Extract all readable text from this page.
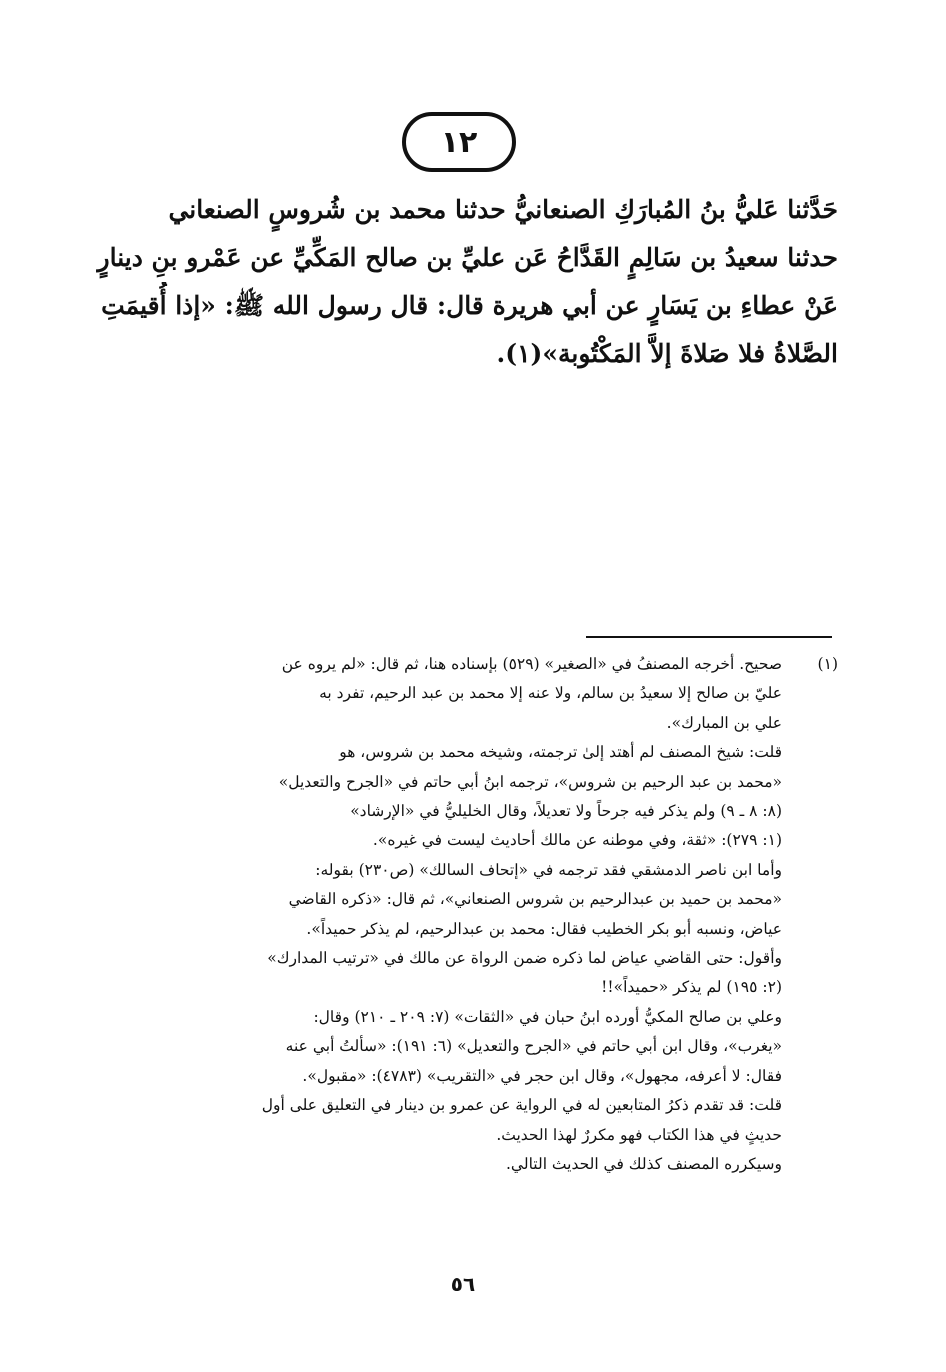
١٢
حَدَّثنا عَليُّ بنُ المُبارَكِ الصنعانيُّ حدثنا محمد بن شُروسٍ الصنعاني
حدثنا سعيدُ بن سَالِمٍ القَدَّاحُ عَن عليِّ بن صالح المَكِّيِّ عن عَمْرو بنِ دينارٍ
عَنْ عطاءِ بن يَسَارٍ عن أبي هريرة قال: قال رسول الله ﷺ: «إذا أُقيمَتِ
الصَّلاةُ فلا صَلاةَ إلاَّ المَكْتُوبة»(١).
(١)
صحيح. أخرجه المصنفُ في «الصغير» (٥٢٩) بإسناده هنا، ثم قال: «لم يروه عن
عليّ بن صالح إلا سعيدُ بن سالم، ولا عنه إلا محمد بن عبد الرحيم، تفرد به
علي بن المبارك».
قلت: شيخ المصنف لم أهتد إلىٰ ترجمته، وشيخه محمد بن شروس، هو
«محمد بن عبد الرحيم بن شروس»، ترجمه ابنُ أبي حاتم في «الجرح والتعديل»
(٨: ٨ ـ ٩) ولم يذكر فيه جرحاً ولا تعديلاً، وقال الخليليُّ في «الإرشاد»
(١: ٢٧٩): «ثقة، وفي موطنه عن مالك أحاديث ليست في غيره».
وأما ابن ناصر الدمشقي فقد ترجمه في «إتحاف السالك» (ص٢٣٠) بقوله:
«محمد بن حميد بن عبدالرحيم بن شروس الصنعاني»، ثم قال: «ذكره القاضي
عياض، ونسبه أبو بكر الخطيب فقال: محمد بن عبدالرحيم، لم يذكر حميداً».
وأقول: حتى القاضي عياض لما ذكره ضمن الرواة عن مالك في «ترتيب المدارك»
(٢: ١٩٥) لم يذكر «حميداً»!!
وعلي بن صالح المكيُّ أورده ابنُ حبان في «الثقات» (٧: ٢٠٩ ـ ٢١٠) وقال:
«يغرب»، وقال ابن أبي حاتم في «الجرح والتعديل» (٦: ١٩١): «سألتُ أبي عنه
فقال: لا أعرفه، مجهول»، وقال ابن حجر في «التقريب» (٤٧٨٣): «مقبول».
قلت: قد تقدم ذكرُ المتابعين له في الرواية عن عمرو بن دينار في التعليق على أول
حديثٍ في هذا الكتاب فهو مكررٌ لهذا الحديث.
وسيكرره المصنف كذلك في الحديث التالي.
٥٦
